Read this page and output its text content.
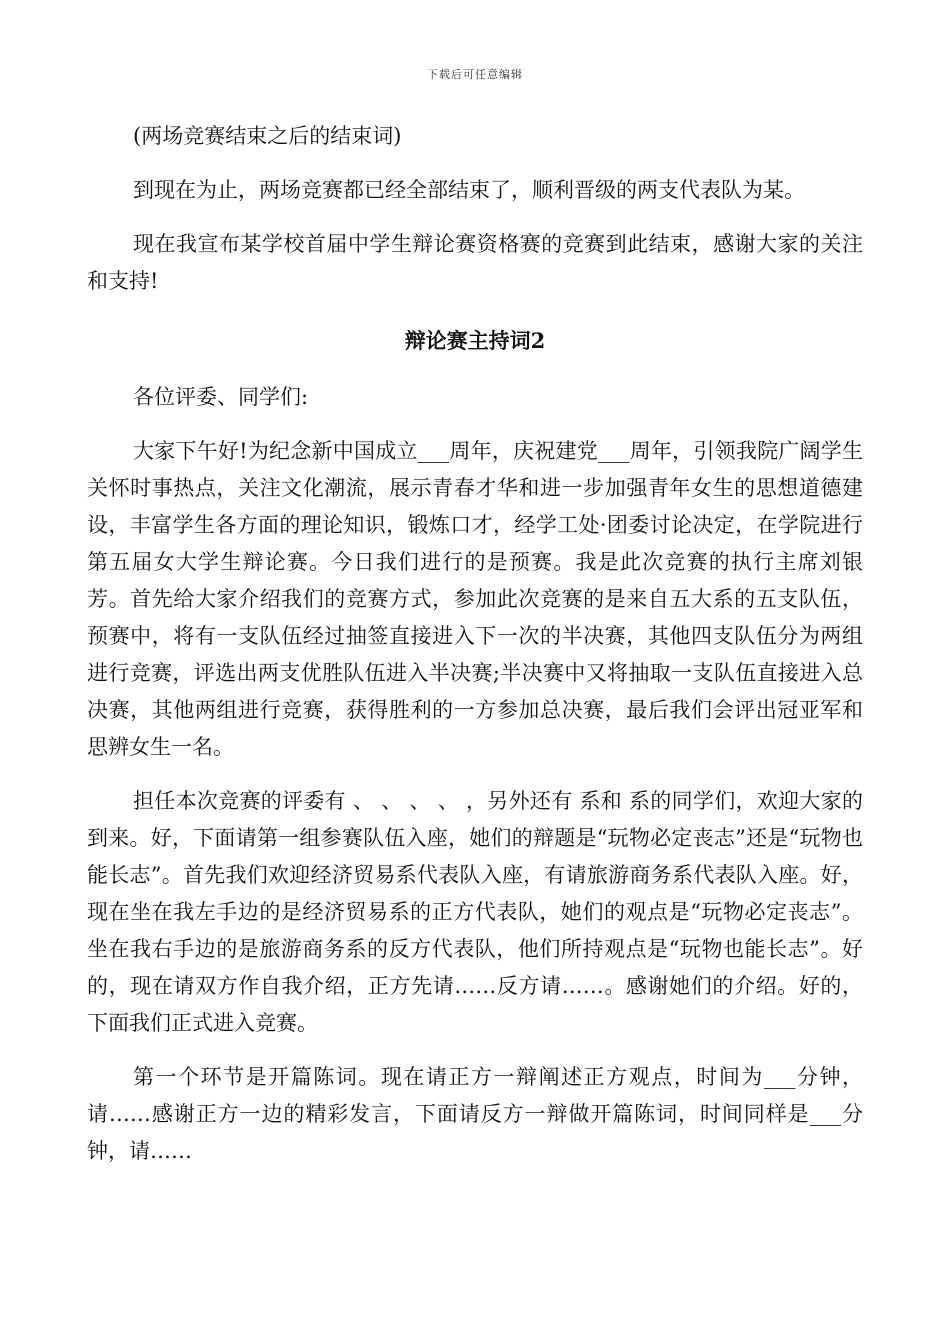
下载后可任意编辑

(两场竞赛结束之后的结束词)

到现在为止，两场竞赛都已经全部结束了，顺利晋级的两支代表队为某。

现在我宣布某学校首届中学生辩论赛资格赛的竞赛到此结束，感谢大家的关注和支持!

辩论赛主持词2

各位评委、同学们:

大家下午好!为纪念新中国成立___周年，庆祝建党___周年，引领我院广阔学生关怀时事热点，关注文化潮流，展示青春才华和进一步加强青年女生的思想道德建设，丰富学生各方面的理论知识，锻炼口才，经学工处·团委讨论决定，在学院进行第五届女大学生辩论赛。今日我们进行的是预赛。我是此次竞赛的执行主席刘银芳。首先给大家介绍我们的竞赛方式，参加此次竞赛的是来自五大系的五支队伍，预赛中，将有一支队伍经过抽签直接进入下一次的半决赛，其他四支队伍分为两组进行竞赛，评选出两支优胜队伍进入半决赛;半决赛中又将抽取一支队伍直接进入总决赛，其他两组进行竞赛，获得胜利的一方参加总决赛，最后我们会评出冠亚军和思辨女生一名。

担任本次竞赛的评委有 、 、 、 、 ，另外还有 系和 系的同学们，欢迎大家的到来。好，下面请第一组参赛队伍入座，她们的辩题是“玩物必定丧志”还是“玩物也能长志”。首先我们欢迎经济贸易系代表队入座，有请旅游商务系代表队入座。好，现在坐在我左手边的是经济贸易系的正方代表队，她们的观点是“玩物必定丧志”。坐在我右手边的是旅游商务系的反方代表队，他们所持观点是“玩物也能长志”。好的，现在请双方作自我介绍，正方先请……反方请……。感谢她们的介绍。好的，下面我们正式进入竞赛。

第一个环节是开篇陈词。现在请正方一辩阐述正方观点，时间为___分钟，请……感谢正方一边的精彩发言，下面请反方一辩做开篇陈词，时间同样是___分钟，请……
